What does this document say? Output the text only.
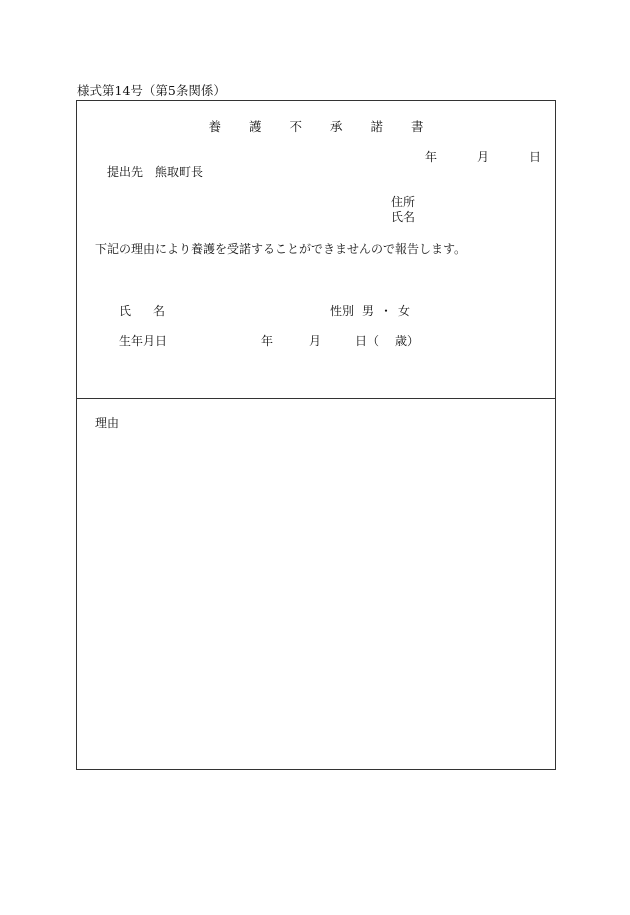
様式第14号（第5条関係）
養 護 不 承 諾 書
年	月	日
提出先 熊取町長
住所
氏名
下記の理由により養護を受諾することができませんので報告します。
氏 名	性別 男 ・ 女
生年月日	年	月	日（ 歳）
理由
